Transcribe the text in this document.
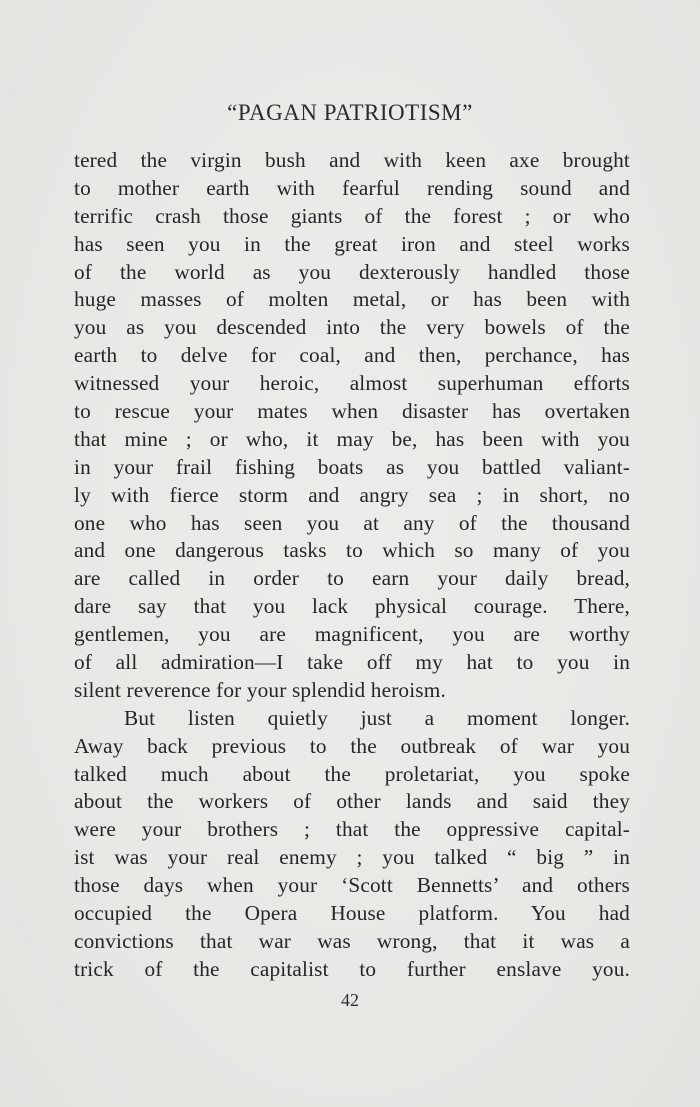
“PAGAN PATRIOTISM”
tered the virgin bush and with keen axe brought
to mother earth with fearful rending sound and
terrific crash those giants of the forest ; or who
has seen you in the great iron and steel works
of the world as you dexterously handled those
huge masses of molten metal, or has been with
you as you descended into the very bowels of the
earth to delve for coal, and then, perchance, has
witnessed your heroic, almost superhuman efforts
to rescue your mates when disaster has overtaken
that mine ; or who, it may be, has been with you
in your frail fishing boats as you battled valiant-
ly with fierce storm and angry sea ; in short, no
one who has seen you at any of the thousand
and one dangerous tasks to which so many of you
are called in order to earn your daily bread,
dare say that you lack physical courage. There,
gentlemen, you are magnificent, you are worthy
of all admiration—I take off my hat to you in
silent reverence for your splendid heroism.
But listen quietly just a moment longer.
Away back previous to the outbreak of war you
talked much about the proletariat, you spoke
about the workers of other lands and said they
were your brothers ; that the oppressive capital-
ist was your real enemy ; you talked “ big ” in
those days when your ‘Scott Bennetts’ and others
occupied the Opera House platform. You had
convictions that war was wrong, that it was a
trick of the capitalist to further enslave you.
42
